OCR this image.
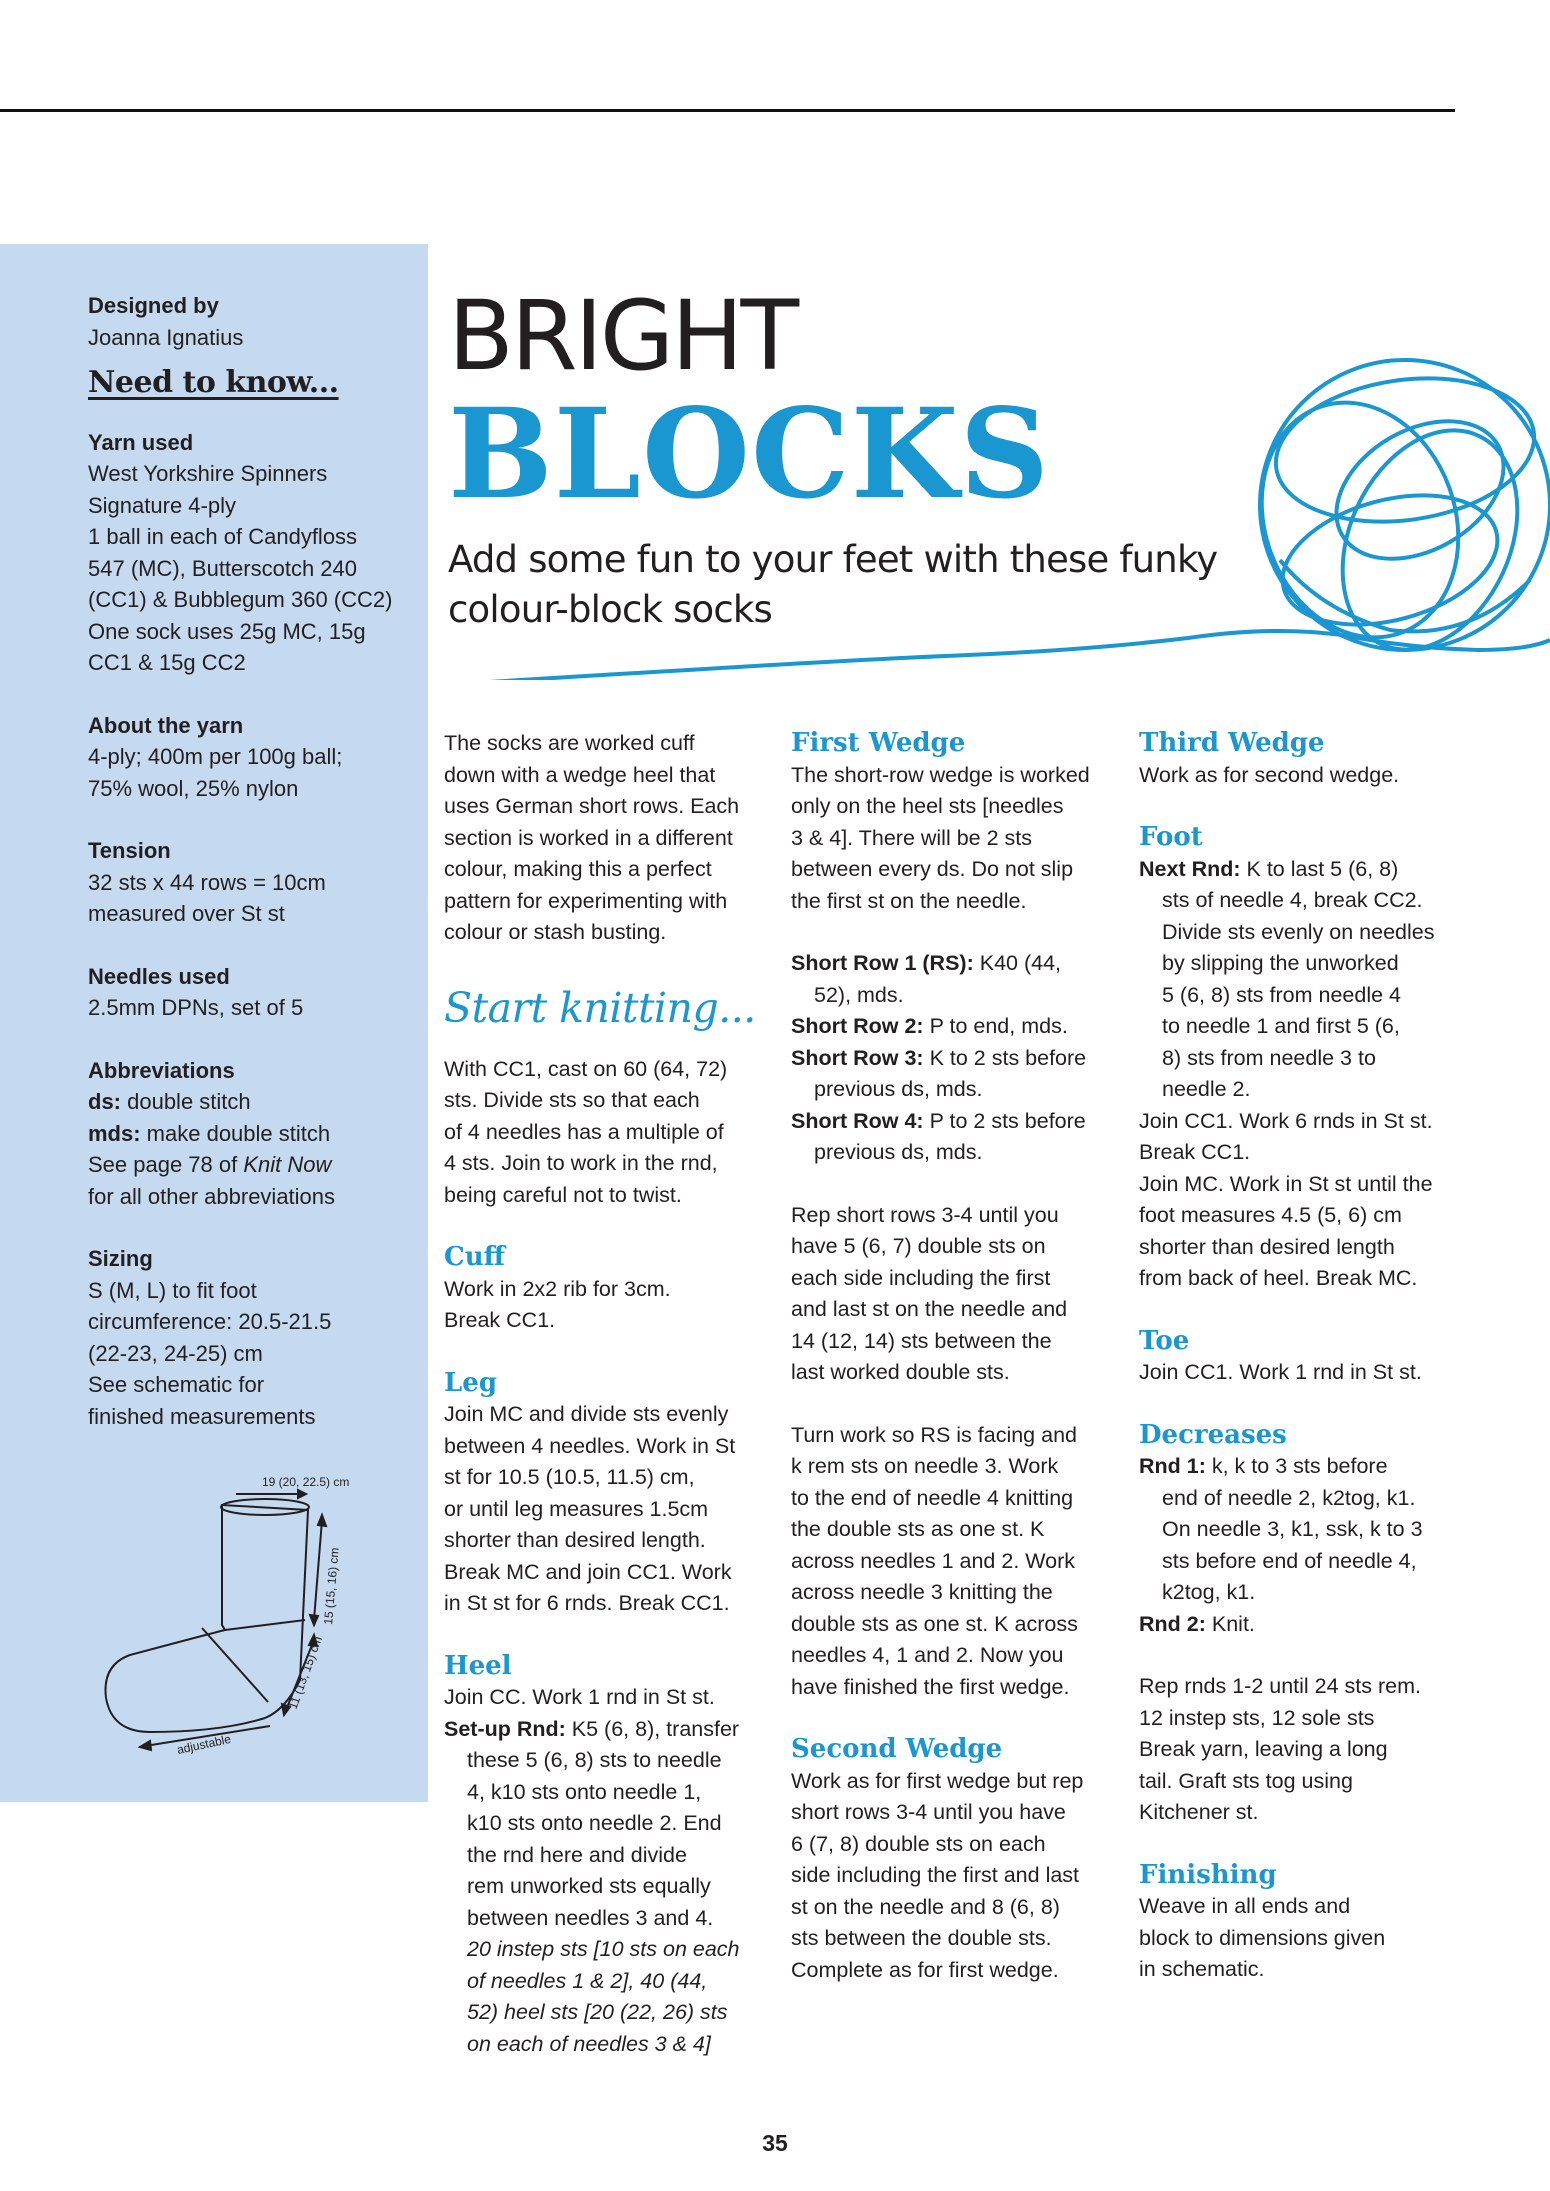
Designed by
Joanna Ignatius
Need to know...
Yarn used
West Yorkshire Spinners
Signature 4-ply
1 ball in each of Candyfloss
547 (MC), Butterscotch 240
(CC1) & Bubblegum 360 (CC2)
One sock uses 25g MC, 15g
CC1 & 15g CC2
About the yarn
4-ply; 400m per 100g ball;
75% wool, 25% nylon
Tension
32 sts x 44 rows = 10cm
measured over St st
Needles used
2.5mm DPNs, set of 5
Abbreviations
ds: double stitch
mds: make double stitch
See page 78 of Knit Now
for all other abbreviations
Sizing
S (M, L) to fit foot
circumference: 20.5-21.5
(22-23, 24-25) cm
See schematic for
finished measurements
19 (20, 22.5) cm
15 (15, 16) cm
11 (13, 15) cm
adjustable
BRIGHT
BLOCKS
Add some fun to your feet with these funky
colour-block socks

The socks are worked cuff
down with a wedge heel that
uses German short rows. Each
section is worked in a different
colour, making this a perfect
pattern for experimenting with
colour or stash busting.

Start knitting...

With CC1, cast on 60 (64, 72)
sts. Divide sts so that each
of 4 needles has a multiple of
4 sts. Join to work in the rnd,
being careful not to twist.

Cuff

Work in 2x2 rib for 3cm.
Break CC1.

Leg

Join MC and divide sts evenly
between 4 needles. Work in St
st for 10.5 (10.5, 11.5) cm,
or until leg measures 1.5cm
shorter than desired length.
Break MC and join CC1. Work
in St st for 6 rnds. Break CC1.

Heel
Join CC. Work 1 rnd in St st.
Set-up Rnd: K5 (6, 8), transfer
these 5 (6, 8) sts to needle
4, k10 sts onto needle 1,
k10 sts onto needle 2. End
the rnd here and divide
rem unworked sts equally
between needles 3 and 4.
20 instep sts [10 sts on each
of needles 1 & 2], 40 (44,
52) heel sts [20 (22, 26) sts
on each of needles 3 & 4]
First Wedge

The short-row wedge is worked
only on the heel sts [needles
3 & 4]. There will be 2 sts
between every ds. Do not slip
the first st on the needle.

Short Row 1 (RS): K40 (44,
52), mds.
Short Row 2: P to end, mds.
Short Row 3: K to 2 sts before
previous ds, mds.
Short Row 4: P to 2 sts before
previous ds, mds.

Rep short rows 3-4 until you
have 5 (6, 7) double sts on
each side including the first
and last st on the needle and
14 (12, 14) sts between the
last worked double sts.

Turn work so RS is facing and
k rem sts on needle 3. Work
to the end of needle 4 knitting
the double sts as one st. K
across needles 1 and 2. Work
across needle 3 knitting the
double sts as one st. K across
needles 4, 1 and 2. Now you
have finished the first wedge.

Second Wedge

Work as for first wedge but rep
short rows 3-4 until you have
6 (7, 8) double sts on each
side including the first and last
st on the needle and 8 (6, 8)
sts between the double sts.
Complete as for first wedge.

Third Wedge

Work as for second wedge.

Foot
Next Rnd: K to last 5 (6, 8)
sts of needle 4, break CC2.
Divide sts evenly on needles
by slipping the unworked
5 (6, 8) sts from needle 4
to needle 1 and first 5 (6,
8) sts from needle 3 to
needle 2.

Join CC1. Work 6 rnds in St st.
Break CC1.
Join MC. Work in St st until the
foot measures 4.5 (5, 6) cm
shorter than desired length
from back of heel. Break MC.

Toe

Join CC1. Work 1 rnd in St st.

Decreases
Rnd 1: k, k to 3 sts before
end of needle 2, k2tog, k1.
On needle 3, k1, ssk, k to 3
sts before end of needle 4,
k2tog, k1.

Rnd 2: Knit.

Rep rnds 1-2 until 24 sts rem.
12 instep sts, 12 sole sts
Break yarn, leaving a long
tail. Graft sts tog using
Kitchener st.

Finishing

Weave in all ends and
block to dimensions given
in schematic.

35
